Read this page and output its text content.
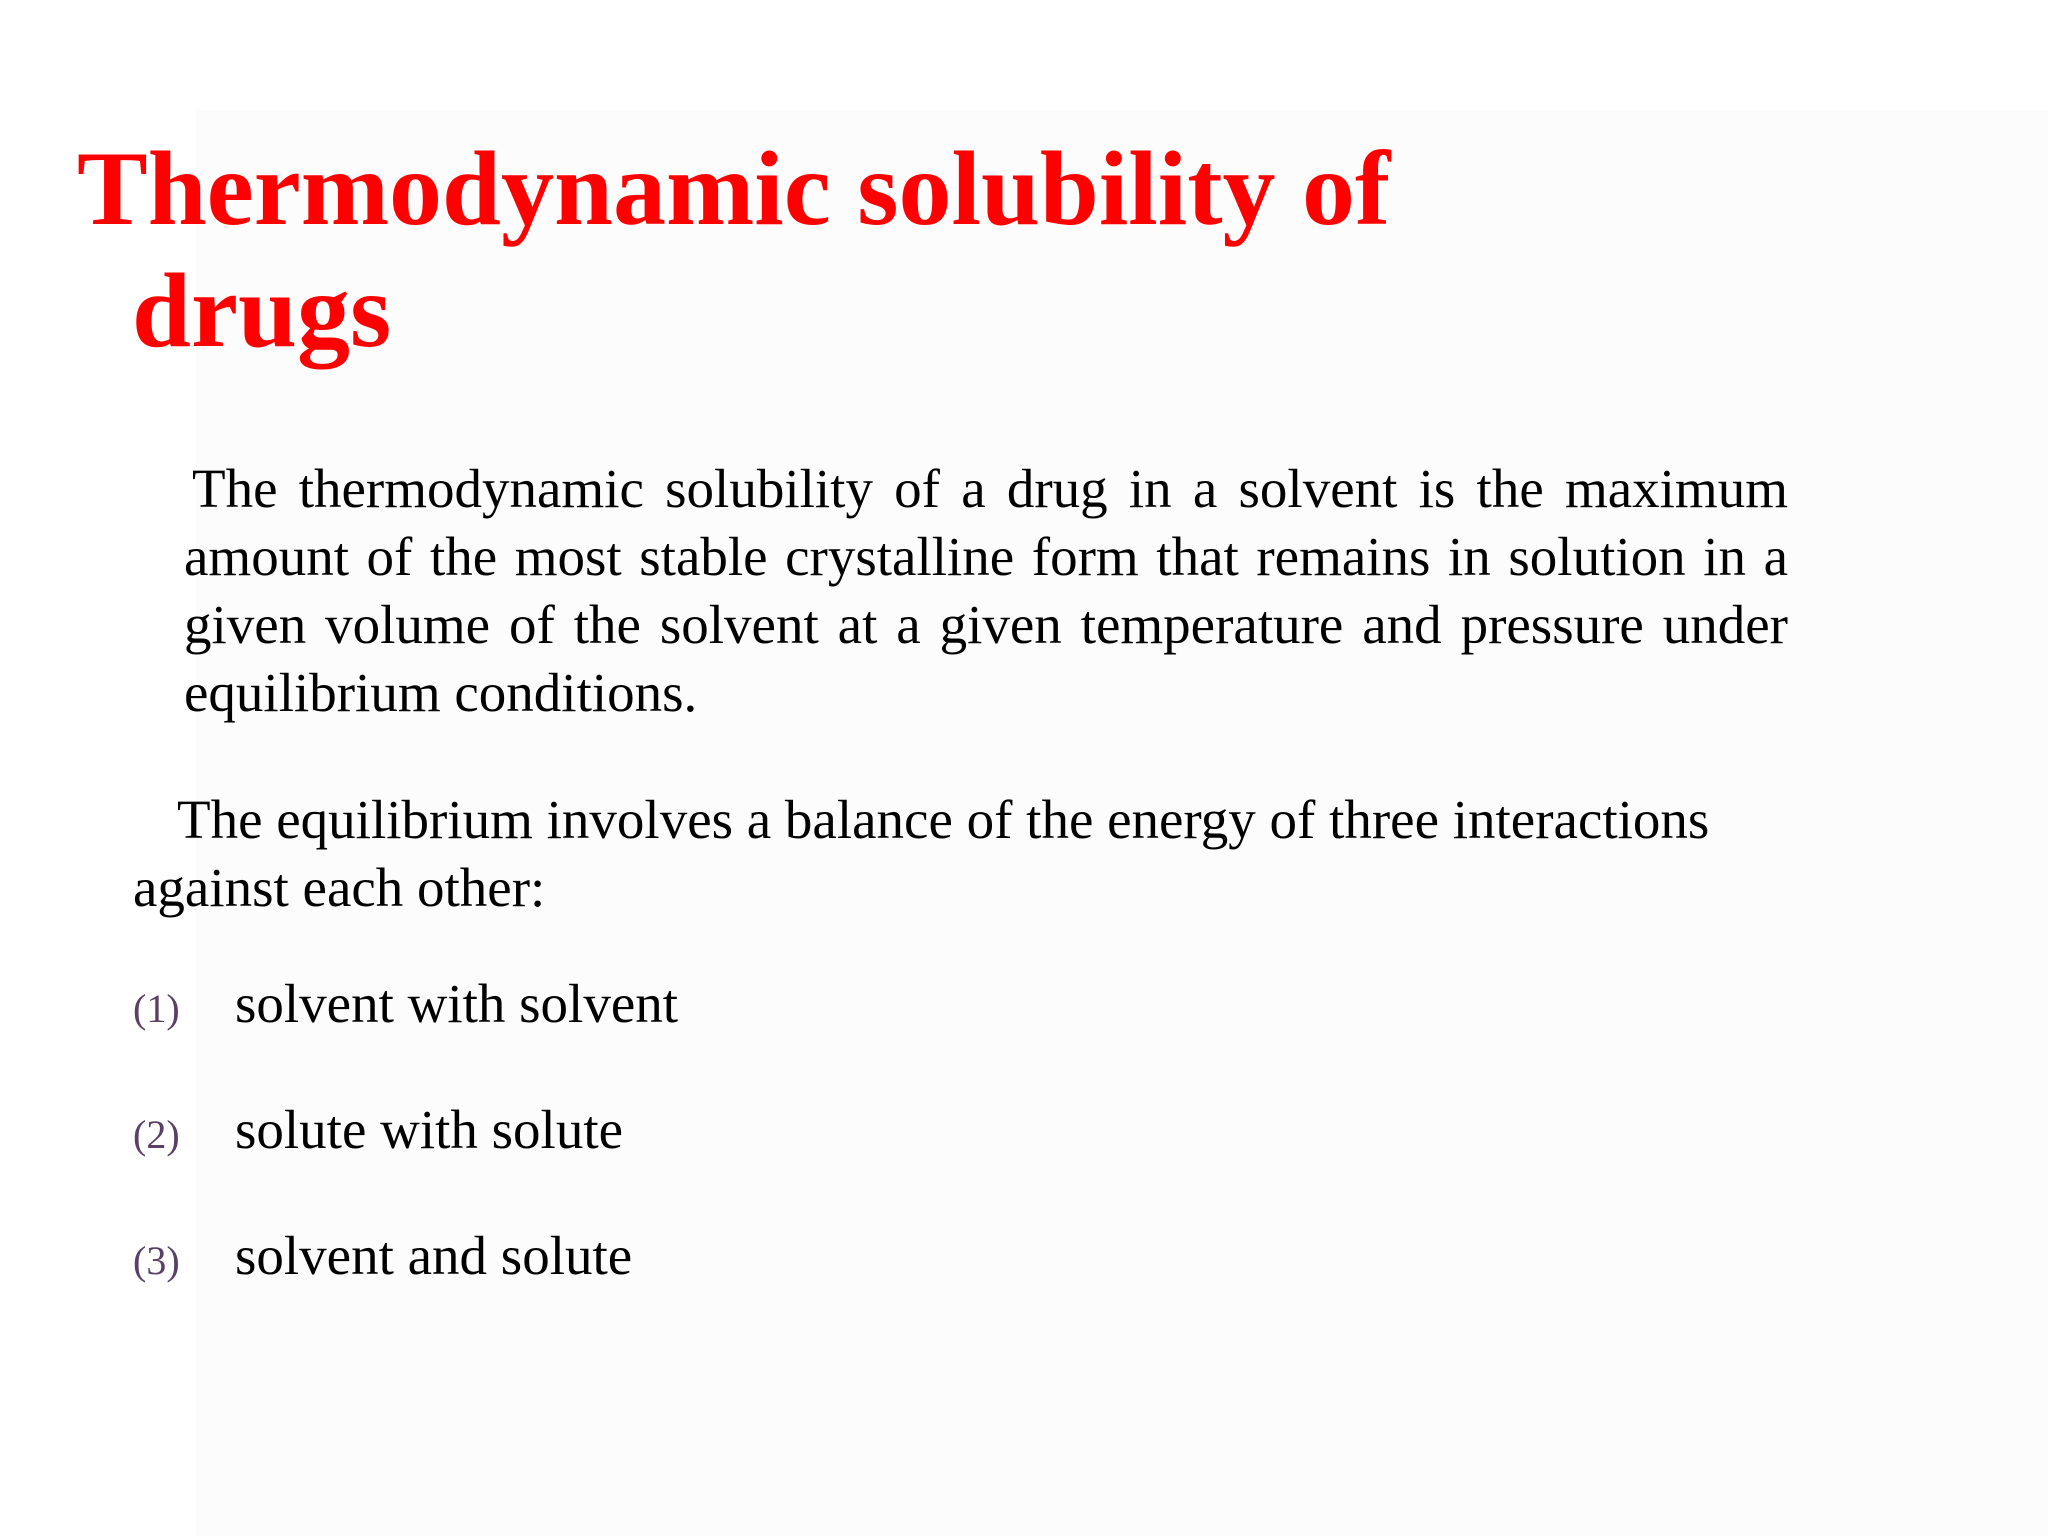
Thermodynamic solubility of
drugs

The thermodynamic solubility of a drug in a solvent is the maximum amount of the most stable crystalline form that remains in solution in a given volume of the solvent at a given temperature and pressure under equilibrium conditions.

The equilibrium involves a balance of the energy of three interactions against each other:

(1)	solvent with solvent
(2)	solute with solute
(3)	solvent and solute
